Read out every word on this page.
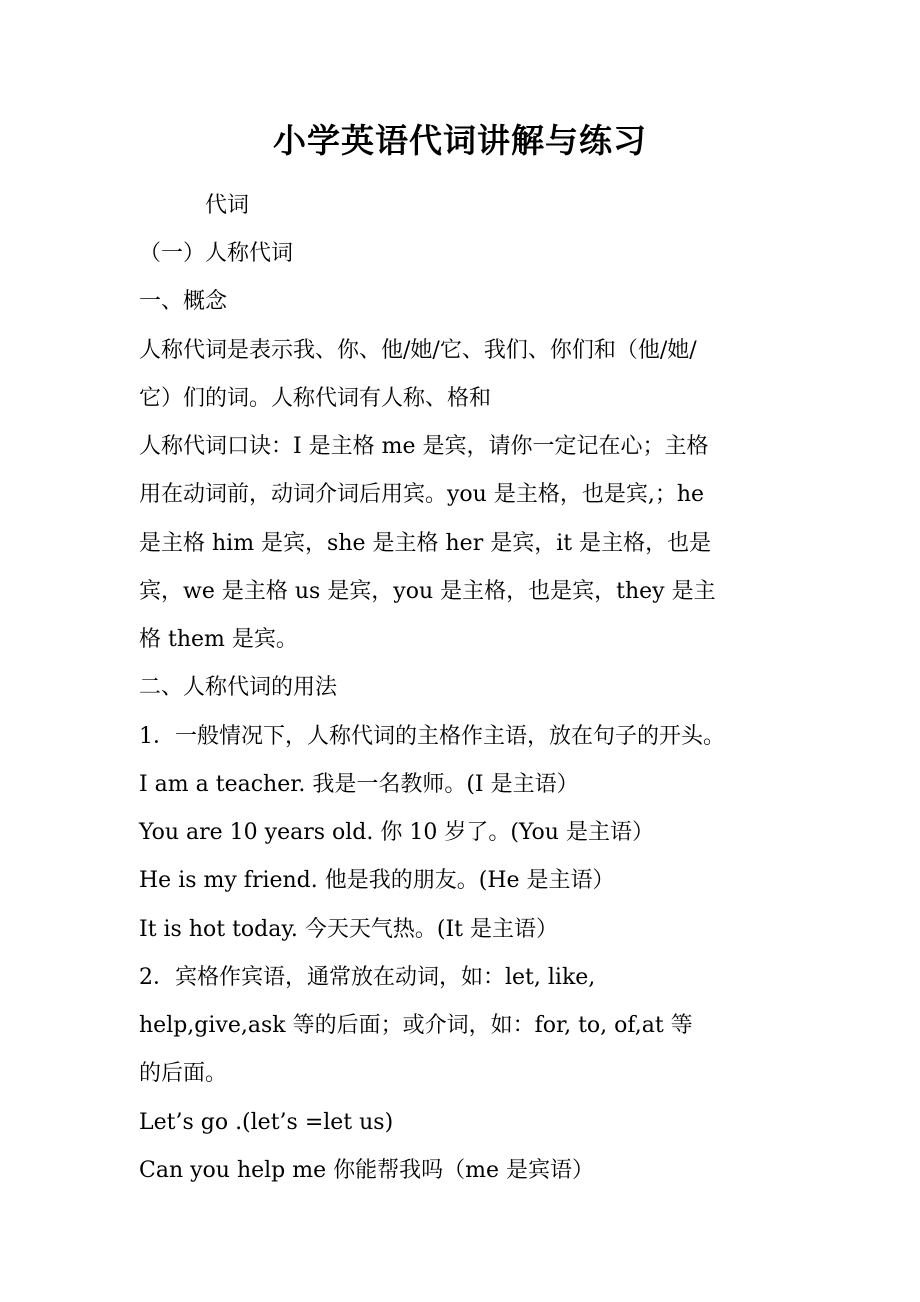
小学英语代词讲解与练习
代词
（一）人称代词
一、概念
人称代词是表示我、你、他/她/它、我们、你们和（他/她/
它）们的词。人称代词有人称、格和
人称代词口诀：I 是主格 me 是宾，请你一定记在心；主格
用在动词前，动词介词后用宾。you 是主格，也是宾,；he
是主格 him 是宾，she 是主格 her 是宾，it 是主格，也是
宾，we 是主格 us 是宾，you 是主格，也是宾，they 是主
格 them 是宾。
二、人称代词的用法
1．一般情况下，人称代词的主格作主语，放在句子的开头。
I am a teacher. 我是一名教师。(I 是主语）
You are 10 years old. 你 10 岁了。(You 是主语）
He is my friend. 他是我的朋友。(He 是主语）
It is hot today. 今天天气热。(It 是主语）
2．宾格作宾语，通常放在动词，如：let, like,
help,give,ask 等的后面；或介词，如：for, to, of,at 等
的后面。
Let’s go .(let’s =let us)
Can you help me 你能帮我吗（me 是宾语）
